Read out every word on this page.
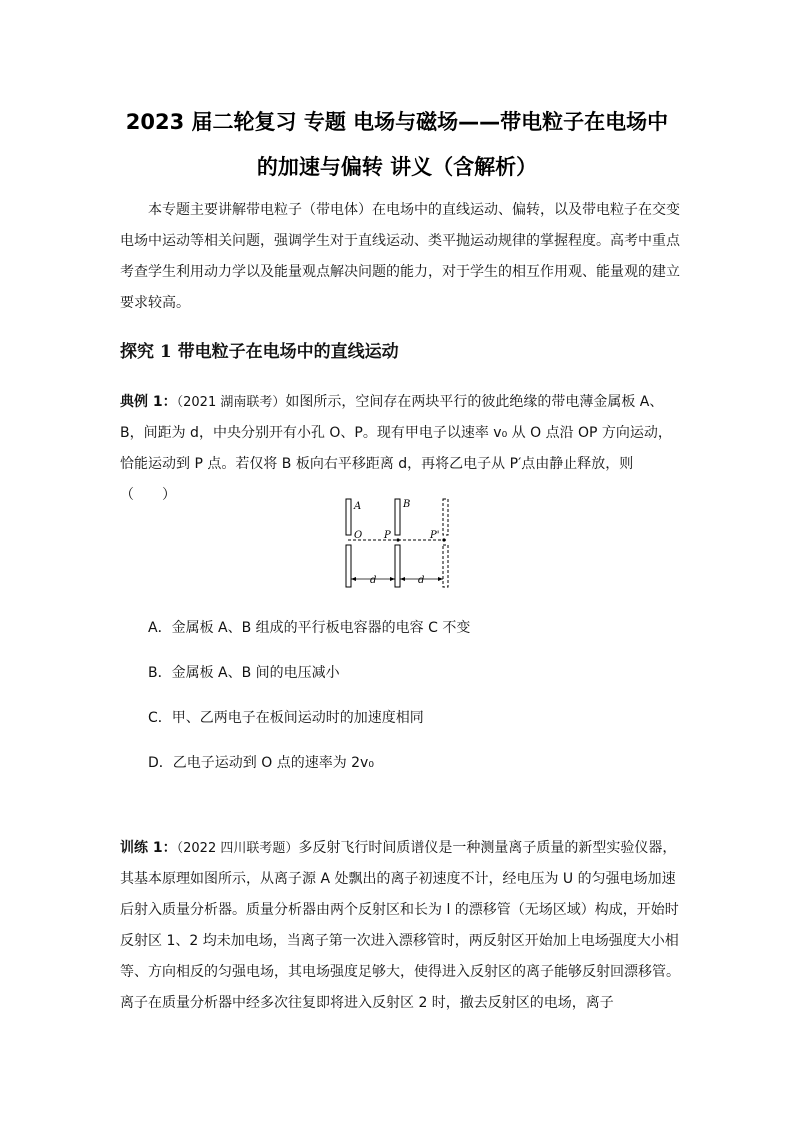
2023 届二轮复习 专题 电场与磁场——带电粒子在电场中
的加速与偏转 讲义（含解析）

本专题主要讲解带电粒子（带电体）在电场中的直线运动、偏转，以及带电粒子在交变电场中运动等相关问题，强调学生对于直线运动、类平抛运动规律的掌握程度。高考中重点考查学生利用动力学以及能量观点解决问题的能力，对于学生的相互作用观、能量观的建立要求较高。

探究 1 带电粒子在电场中的直线运动

典例 1：（2021 湖南联考）如图所示，空间存在两块平行的彼此绝缘的带电薄金属板 A、B，间距为 d，中央分别开有小孔 O、P。现有甲电子以速率 v₀ 从 O 点沿 OP 方向运动，恰能运动到 P 点。若仅将 B 板向右平移距离 d，再将乙电子从 P′点由静止释放，则（　　）

A	B
O P	P'
d	d
A．金属板 A、B 组成的平行板电容器的电容 C 不变
B．金属板 A、B 间的电压减小
C．甲、乙两电子在板间运动时的加速度相同
D．乙电子运动到 O 点的速率为 2v₀

训练 1：（2022 四川联考题）多反射飞行时间质谱仪是一种测量离子质量的新型实验仪器，其基本原理如图所示，从离子源 A 处飘出的离子初速度不计，经电压为 U 的匀强电场加速后射入质量分析器。质量分析器由两个反射区和长为 l 的漂移管（无场区域）构成，开始时反射区 1、2 均未加电场，当离子第一次进入漂移管时，两反射区开始加上电场强度大小相等、方向相反的匀强电场，其电场强度足够大，使得进入反射区的离子能够反射回漂移管。离子在质量分析器中经多次往复即将进入反射区 2 时，撤去反射区的电场，离子
